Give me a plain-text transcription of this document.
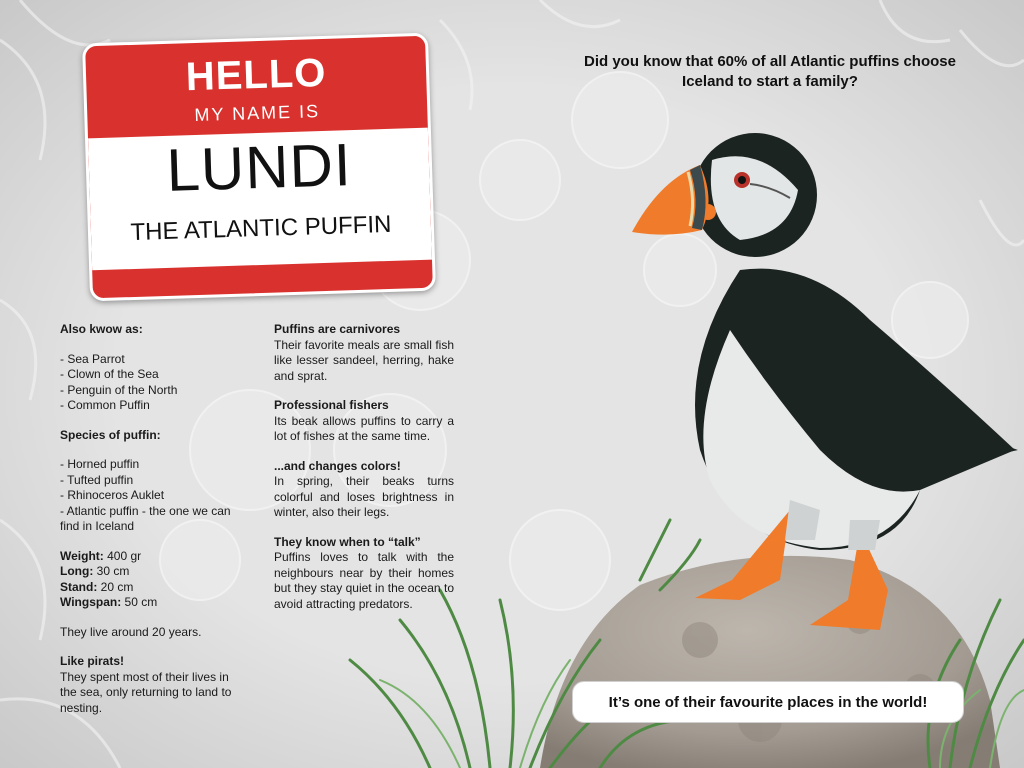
HELLO
MY NAME IS
LUNDI
THE ATLANTIC PUFFIN

Also kwow as:

- Sea Parrot
- Clown of the Sea
- Penguin of the North
- Common Puffin

Species of puffin:

- Horned puffin
- Tufted puffin
- Rhinoceros Auklet
- Atlantic puffin - the one we can find in Iceland

Weight: 400 gr
Long: 30 cm
Stand: 20 cm
Wingspan: 50 cm

They live around 20 years.

Like pirats!
They spent most of their lives in the sea, only returning to land to nesting.

Puffins are carnivores
Their favorite meals are small fish like lesser sandeel, herring, hake and sprat.

Professional fishers
Its beak allows puffins to carry a lot of fishes at the same time.

...and changes colors!
In spring, their beaks turns colorful and loses brightness in winter, also their legs.

They know when to “talk”
Puffins loves to talk with the neighbours near by their homes but they stay quiet in the ocean to avoid attracting predators.

Did you know that 60% of all Atlantic puffins choose Iceland to start a family?
It’s one of their favourite places in the world!
